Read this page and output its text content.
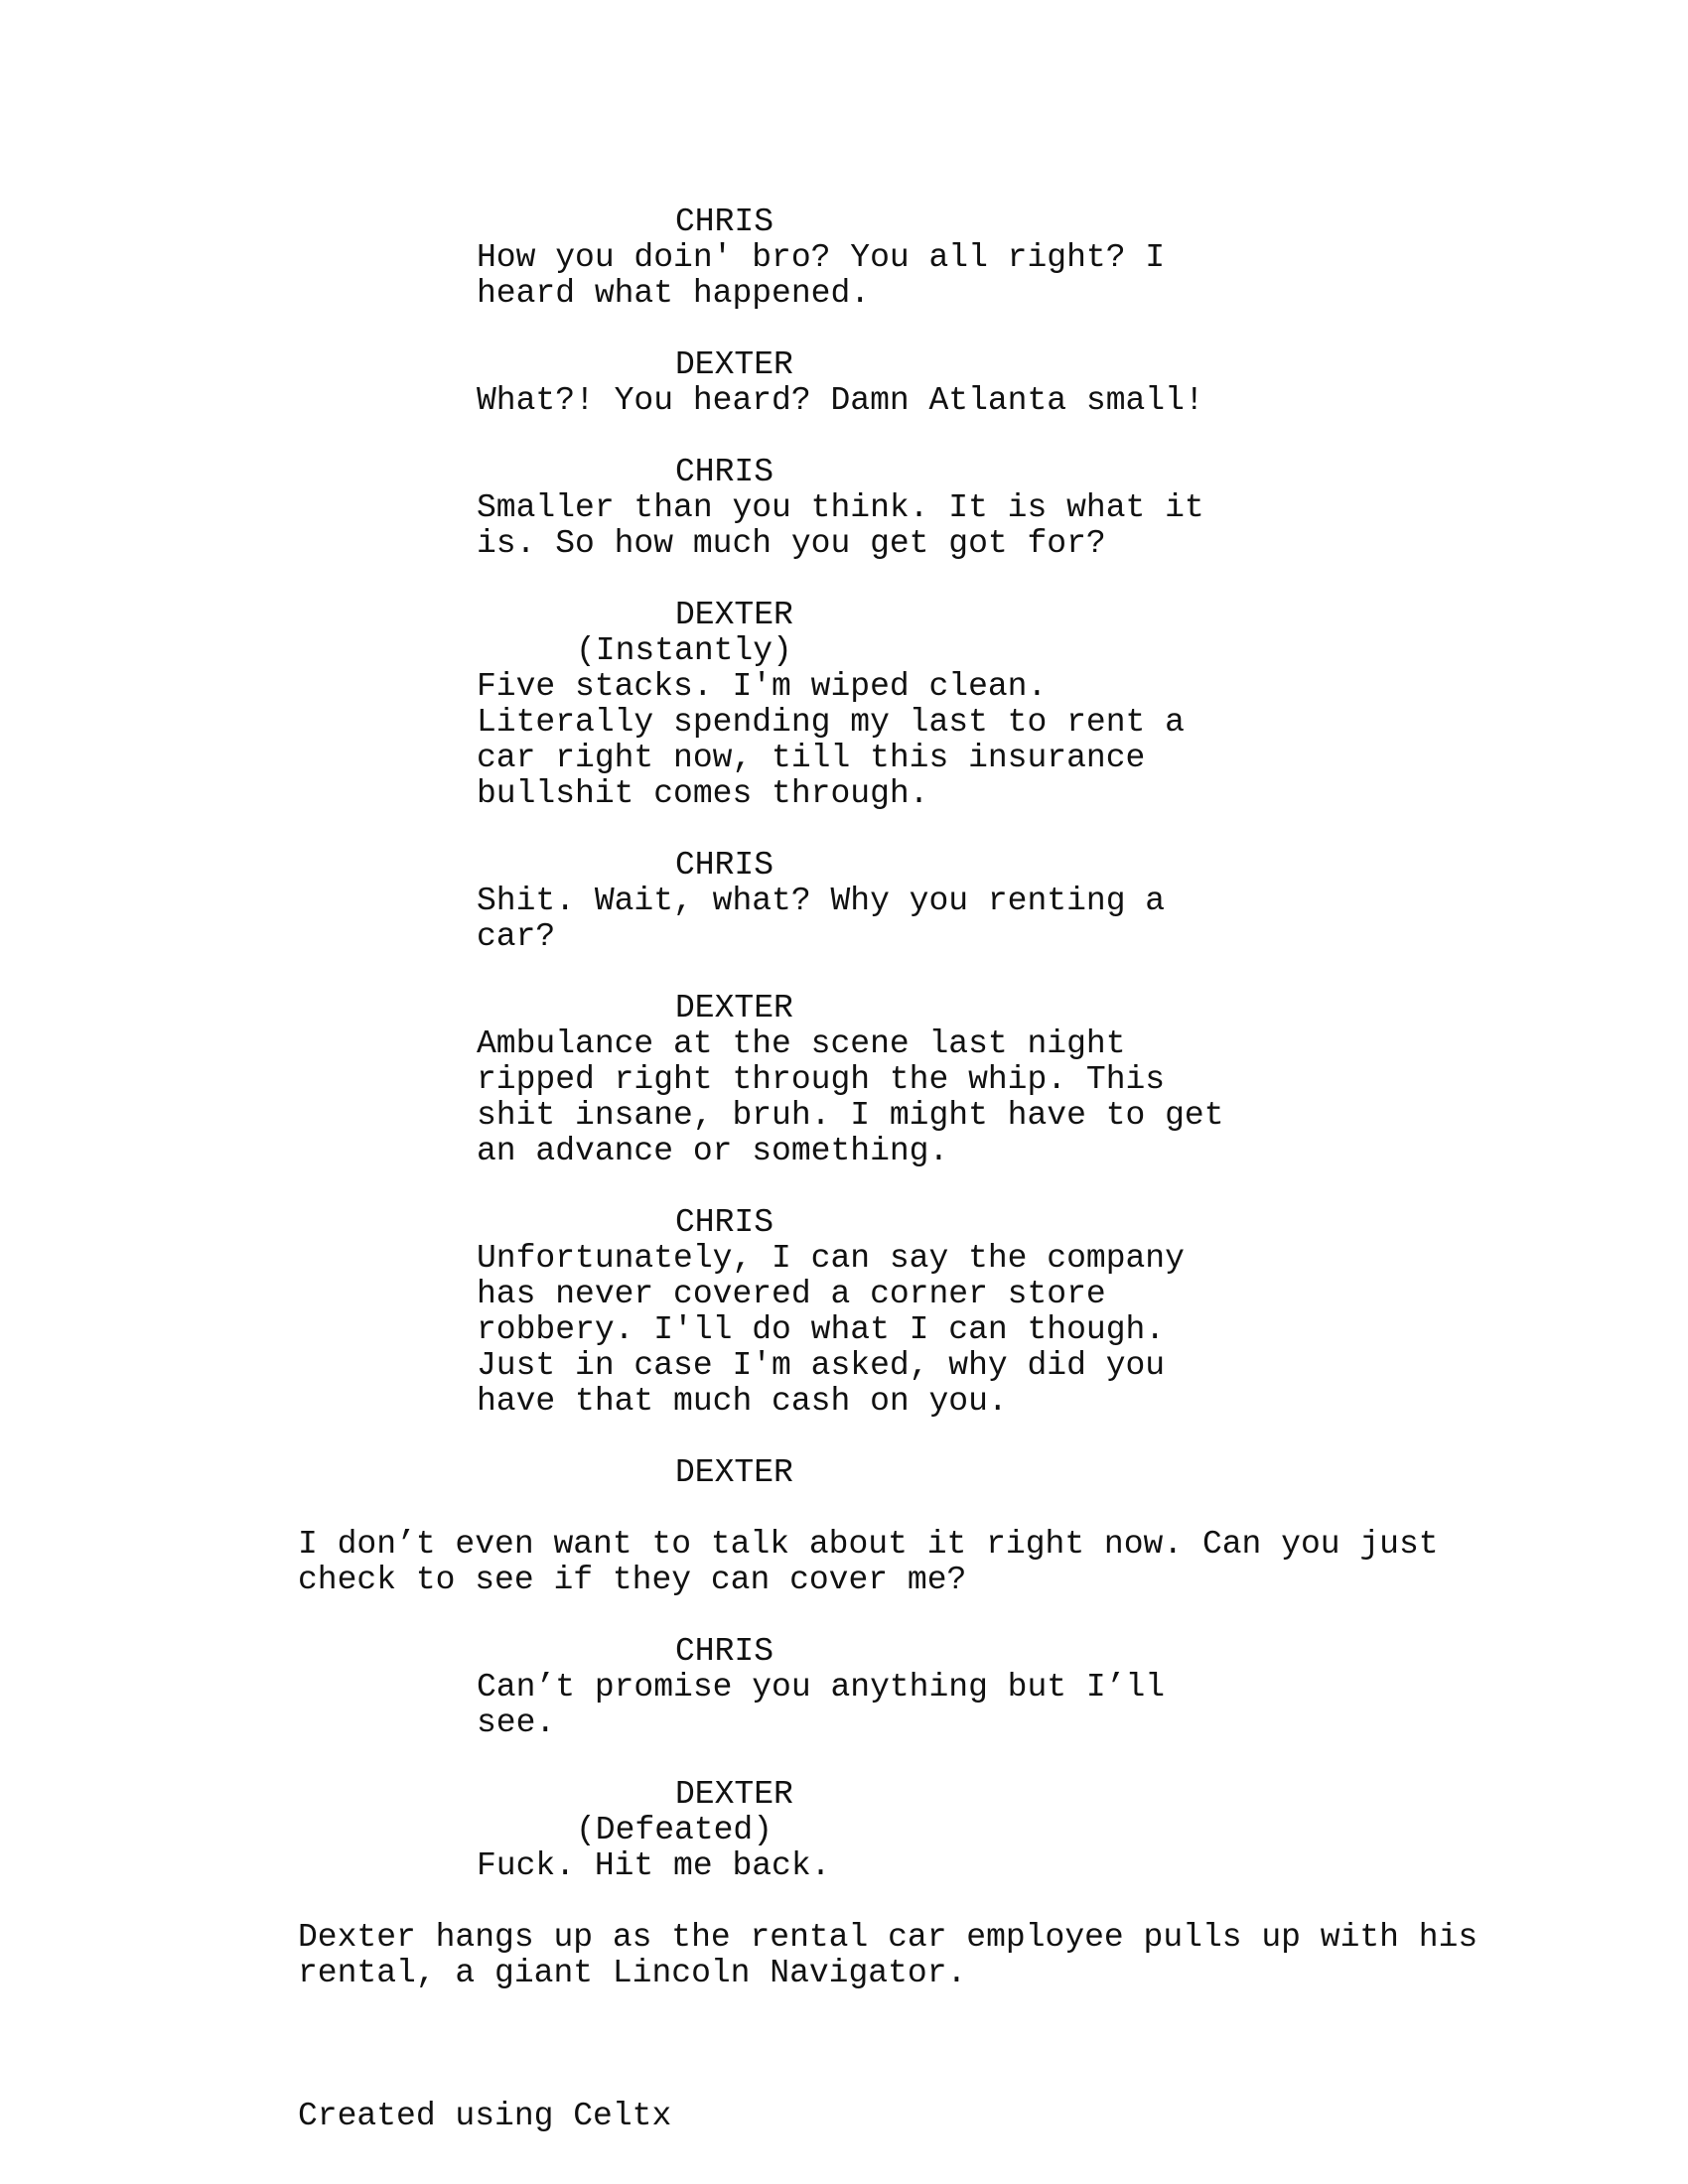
CHRIS
How you doin' bro? You all right? I
heard what happened.
DEXTER
What?! You heard? Damn Atlanta small!
CHRIS
Smaller than you think. It is what it
is. So how much you get got for?
DEXTER
(Instantly)
Five stacks. I'm wiped clean.
Literally spending my last to rent a
car right now, till this insurance
bullshit comes through.
CHRIS
Shit. Wait, what? Why you renting a
car?
DEXTER
Ambulance at the scene last night
ripped right through the whip. This
shit insane, bruh. I might have to get
an advance or something.
CHRIS
Unfortunately, I can say the company
has never covered a corner store
robbery. I'll do what I can though.
Just in case I'm asked, why did you
have that much cash on you.
DEXTER
I don’t even want to talk about it right now. Can you just
check to see if they can cover me?
CHRIS
Can’t promise you anything but I’ll
see.
DEXTER
(Defeated)
Fuck. Hit me back.
Dexter hangs up as the rental car employee pulls up with his
rental, a giant Lincoln Navigator.
Created using Celtx
